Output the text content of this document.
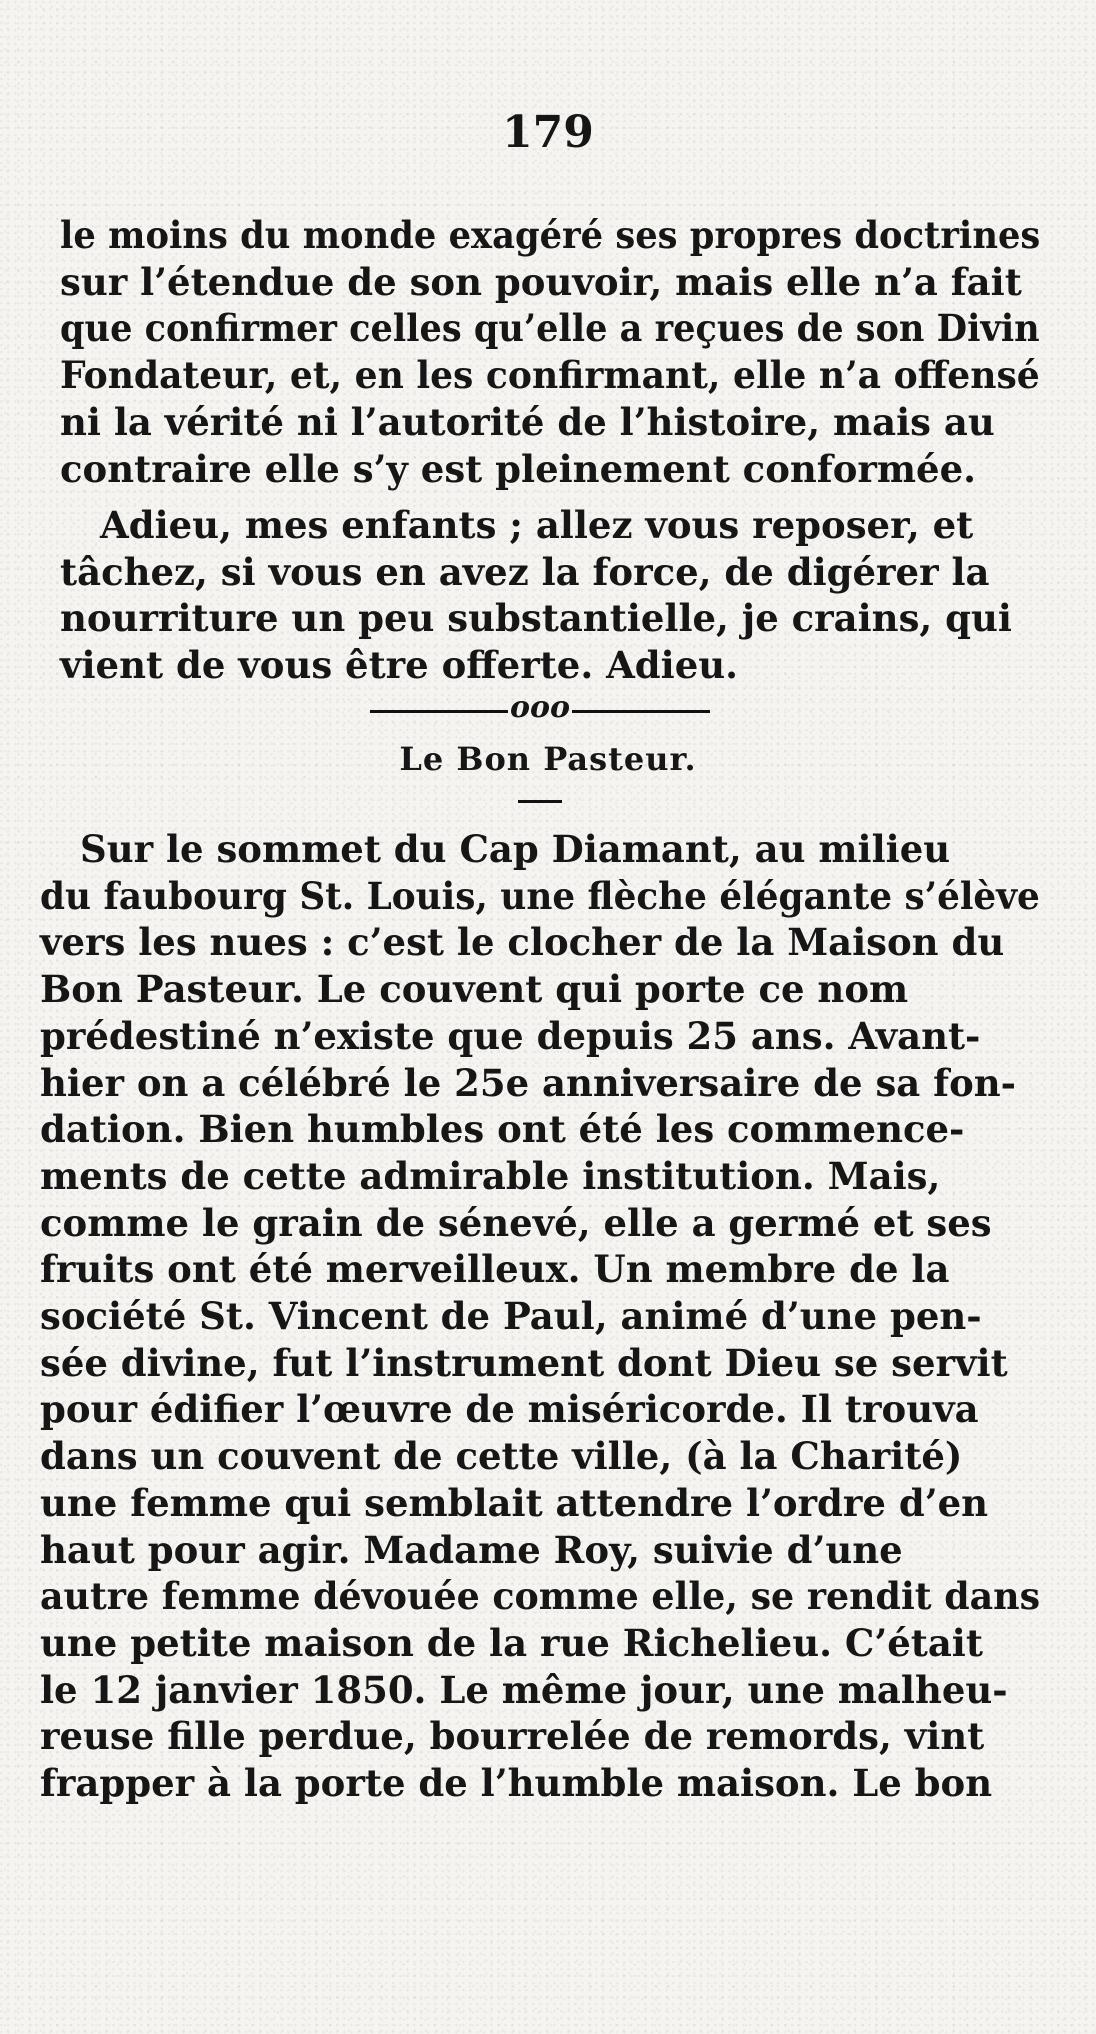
179

le moins du monde exagéré ses propres doctrines
sur l’étendue de son pouvoir, mais elle n’a fait
que confirmer celles qu’elle a reçues de son Divin
Fondateur, et, en les confirmant, elle n’a offensé
ni la vérité ni l’autorité de l’histoire, mais au
contraire elle s’y est pleinement conformée.

Adieu, mes enfants ; allez vous reposer, et
tâchez, si vous en avez la force, de digérer la
nourriture un peu substantielle, je crains, qui
vient de vous être offerte. Adieu.

ooo
Le Bon Pasteur.

Sur le sommet du Cap Diamant, au milieu
du faubourg St. Louis, une flèche élégante s’élève
vers les nues : c’est le clocher de la Maison du
Bon Pasteur. Le couvent qui porte ce nom
prédestiné n’existe que depuis 25 ans. Avant-
hier on a célébré le 25e anniversaire de sa fon-
dation. Bien humbles ont été les commence-
ments de cette admirable institution. Mais,
comme le grain de sénevé, elle a germé et ses
fruits ont été merveilleux. Un membre de la
société St. Vincent de Paul, animé d’une pen-
sée divine, fut l’instrument dont Dieu se servit
pour édifier l’œuvre de miséricorde. Il trouva
dans un couvent de cette ville, (à la Charité)
une femme qui semblait attendre l’ordre d’en
haut pour agir. Madame Roy, suivie d’une
autre femme dévouée comme elle, se rendit dans
une petite maison de la rue Richelieu. C’était
le 12 janvier 1850. Le même jour, une malheu-
reuse fille perdue, bourrelée de remords, vint
frapper à la porte de l’humble maison. Le bon
